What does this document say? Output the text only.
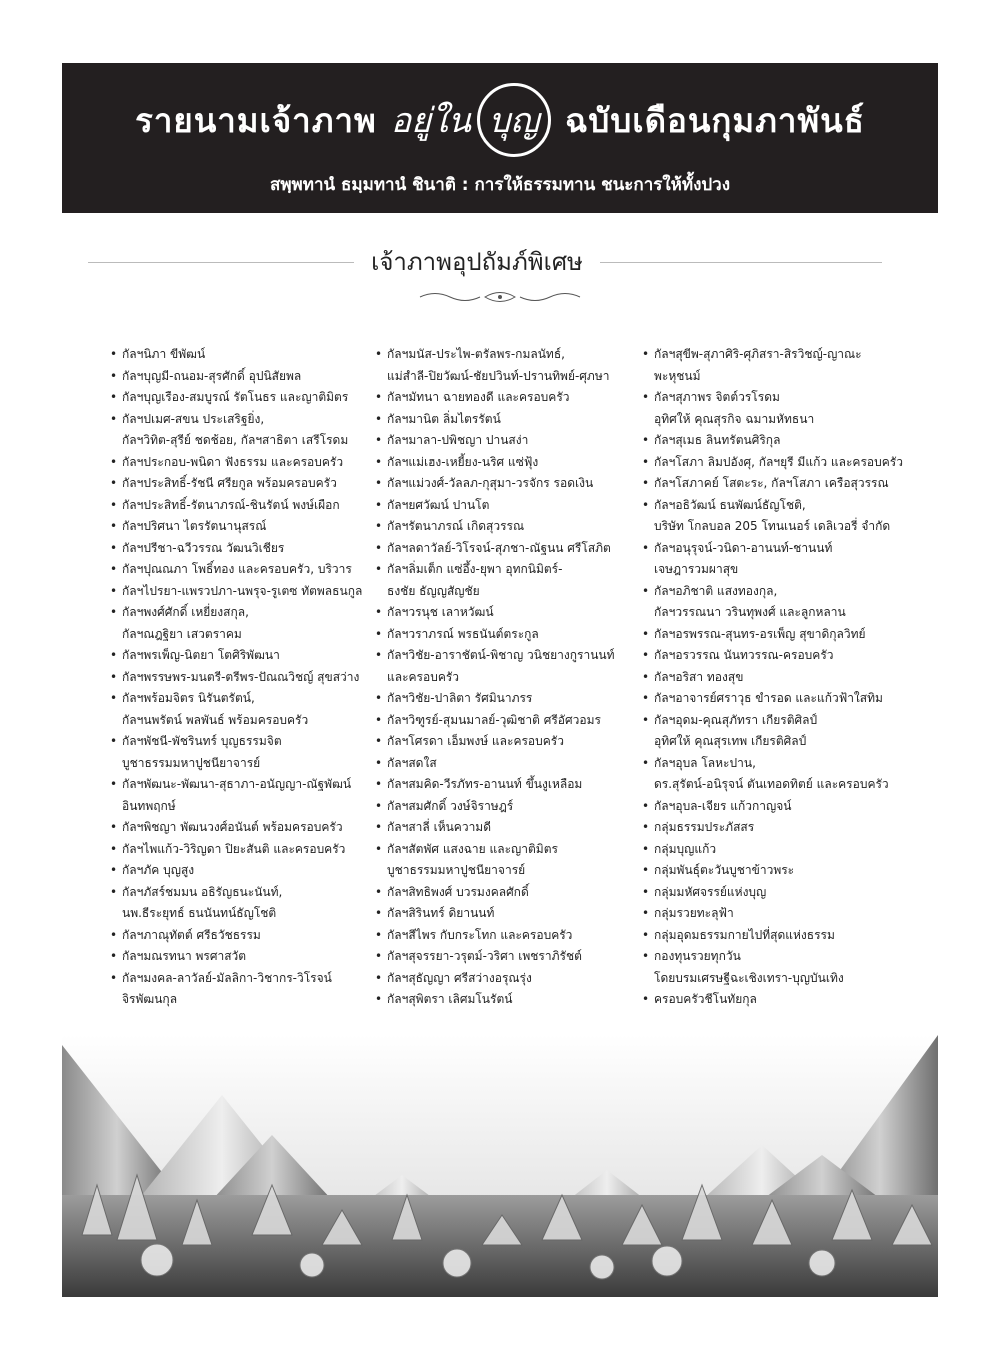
รายนามเจ้าภาพ อยู่ใน บุญ ฉบับเดือนกุมภาพันธ์
สพฺพทานํ ธมฺมทานํ ชินาติ : การให้ธรรมทาน ชนะการให้ทั้งปวง
เจ้าภาพอุปถัมภ์พิเศษ
• กัลฯนิภา ขีพัฒน์
• กัลฯบุญมี-ถนอม-สุรศักดิ์ อุปนิสัยพล
• กัลฯบุญเรือง-สมบูรณ์ รัตโนธร และญาติมิตร
• กัลฯปเมศ-สขน ประเสริฐยิ่ง,
กัลฯวิทิต-สุรีย์ ชดช้อย, กัลฯสาธิตา เสรีโรดม
• กัลฯประกอบ-พนิดา ฟังธรรม และครอบครัว
• กัลฯประสิทธิ์-รัชนี ศรียกูล พร้อมครอบครัว
• กัลฯประสิทธิ์-รัตนาภรณ์-ชินรัตน์ พงษ์เผือก
• กัลฯปริศนา ไตรรัตนานุสรณ์
• กัลฯปรีชา-ฉวีวรรณ วัฒนวิเชียร
• กัลฯปุณณภา โพธิ์ทอง และครอบครัว, บริวาร
• กัลฯไปรยา-แพรวปภา-นพรุจ-รูเตซ ทัตพลธนกูล
• กัลฯพงศ์ศักดิ์ เหยี่ยงสกุล,
กัลฯณฎฐิยา เสวตราคม
• กัลฯพรเพ็ญ-นิตยา โตศิริพัฒนา
• กัลฯพรรษพร-มนตรี-ตรีพร-ปัณณวิชญ์ สุขสว่าง
• กัลฯพร้อมจิตร นิรันตรัตน์,
กัลฯนพรัตน์ พลพันธ์ พร้อมครอบครัว
• กัลฯพัชนี-พัชรินทร์ บุญธรรมจิต
บูชาธรรมมหาปูชนียาจารย์
• กัลฯพัฒนะ-พัฒนา-สุธาภา-อนัญญา-ณัฐพัฒน์
อินทพฤกษ์
• กัลฯพิชญา พัฒนวงศ์อนันต์ พร้อมครอบครัว
• กัลฯไพแก้ว-วิริญดา ปิยะสันติ และครอบครัว
• กัลฯภัค บุญสูง
• กัลฯภัสร์ชมมน อธิรัญธนะนันท์,
นพ.ธีระยุทธ์ ธนนันทน์ธัญโชติ
• กัลฯภาณุทัตต์ ศรีธวัชธรรม
• กัลฯมณรทนา พรศาสวัต
• กัลฯมงคล-ลาวัลย์-มัลลิกา-วิชากร-วิโรจน์
จิรพัฒนกุล
• กัลฯมนัส-ประไพ-ตรัลพร-กมลนัทธ์,
แม่สำลี-ปิยวัฒน์-ชัยปวินท์-ปรานทิพย์-ศุภษา
• กัลฯมัทนา ฉายทองดี และครอบครัว
• กัลฯมานิต ลิ่มไตรรัตน์
• กัลฯมาลา-ปพิชญา ปานสง่า
• กัลฯแม่เฮง-เหยี้ยง-นริศ แซ่ฟุ้ง
• กัลฯแม่วงศ์-วัลลภ-กุสุมา-วรจักร รอดเงิน
• กัลฯยศวัฒน์ ปานโต
• กัลฯรัตนาภรณ์ เกิดสุวรรณ
• กัลฯลดาวัลย์-วิโรจน์-สุภชา-ณัฐนน ศรีโสภิต
• กัลฯลิ่มเต็ก แซ่อึ้ง-ยุพา อุทกนิมิตร์-
ธงชัย ธัญญสัญชัย
• กัลฯวรนุช เลาหวัฒน์
• กัลฯวราภรณ์ พรธนันต์ตระกูล
• กัลฯวิชัย-อาราชัตน์-พิชาญ วนิชยางกูรานนท์
และครอบครัว
• กัลฯวิชัย-ปาลิตา รัศมินาภรร
• กัลฯวิฑูรย์-สุมนมาลย์-วุฒิชาติ ศรีอัศวอมร
• กัลฯโศรดา เอ็มพงษ์ และครอบครัว
• กัลฯสดใส
• กัลฯสมคิด-วีรภัทร-อานนท์ ขึ้นงูเหลือม
• กัลฯสมศักดิ์ วงษ์จิราษฎร์
• กัลฯสาลี่ เห็นความดี
• กัลฯสัตพัศ แสงฉาย และญาติมิตร
บูชาธรรมมหาปูชนียาจารย์
• กัลฯสิทธิพงศ์ บวรมงคลศักดิ์
• กัลฯสิรินทร์ ดิยานนท์
• กัลฯสีไพร กับกระโทก และครอบครัว
• กัลฯสุจรรยา-วรุตม์-วริศา เพชราภิรัชต์
• กัลฯสุธัญญา ศรีสว่างอรุณรุ่ง
• กัลฯสุพิตรา เลิศมโนรัตน์
• กัลฯสุขีพ-สุภาศิริ-ศุภิสรา-สิรวิชญ์-ญาณะ
พะหุชนม์
• กัลฯสุภาพร จิตต์วรโรดม
อุทิศให้ คุณสุรกิจ ฉมามหัทธนา
• กัลฯสุเมธ ลินทรัตนศิริกุล
• กัลฯโสภา ลิมปอังศุ, กัลฯยุรี มีแก้ว และครอบครัว
• กัลฯโสภาคย์ โสตะระ, กัลฯโสภา เครือสุวรรณ
• กัลฯอธิวัฒน์ ธนพัฒน์ธัญโชติ,
บริษัท โกลบอล 205 โทนเนอร์ เดลิเวอรี่ จำกัด
• กัลฯอนุรุจน์-วนิดา-อานนท์-ชานนท์
เจษฎารวมผาสุข
• กัลฯอภิชาติ แสงทองกุล,
กัลฯวรรณนา วรินทุพงศ์ และลูกหลาน
• กัลฯอรพรรณ-สุนทร-อรเพ็ญ สุขาดิกุลวิทย์
• กัลฯอรวรรณ นันทวรรณ-ครอบครัว
• กัลฯอริสา ทองสุข
• กัลฯอาจารย์ศราวุธ ขำรอด และแก้วฟ้าใสทิม
• กัลฯอุดม-คุณสุภัทรา เกียรติศิลป์
อุทิศให้ คุณสุรเทพ เกียรติศิลป์
• กัลฯอุบล โลหะปาน,
ดร.สุรัตน์-อนิรุจน์ ตันเทอดทิตย์ และครอบครัว
• กัลฯอุบล-เจียร แก้วกาญจน์
• กลุ่มธรรมประภัสสร
• กลุ่มบุญแก้ว
• กลุ่มพันธุ์ตะวันบูชาข้าวพระ
• กลุ่มมหัศจรรย์แห่งบุญ
• กลุ่มรวยทะลุฟ้า
• กลุ่มอุดมธรรมกายไปที่สุดแห่งธรรม
• กองทุนรวยทุกวัน
โดยบรมเศรษฐีฉะเชิงเทรา-บุญบันเทิง
• ครอบครัวชีโนทัยกุล
